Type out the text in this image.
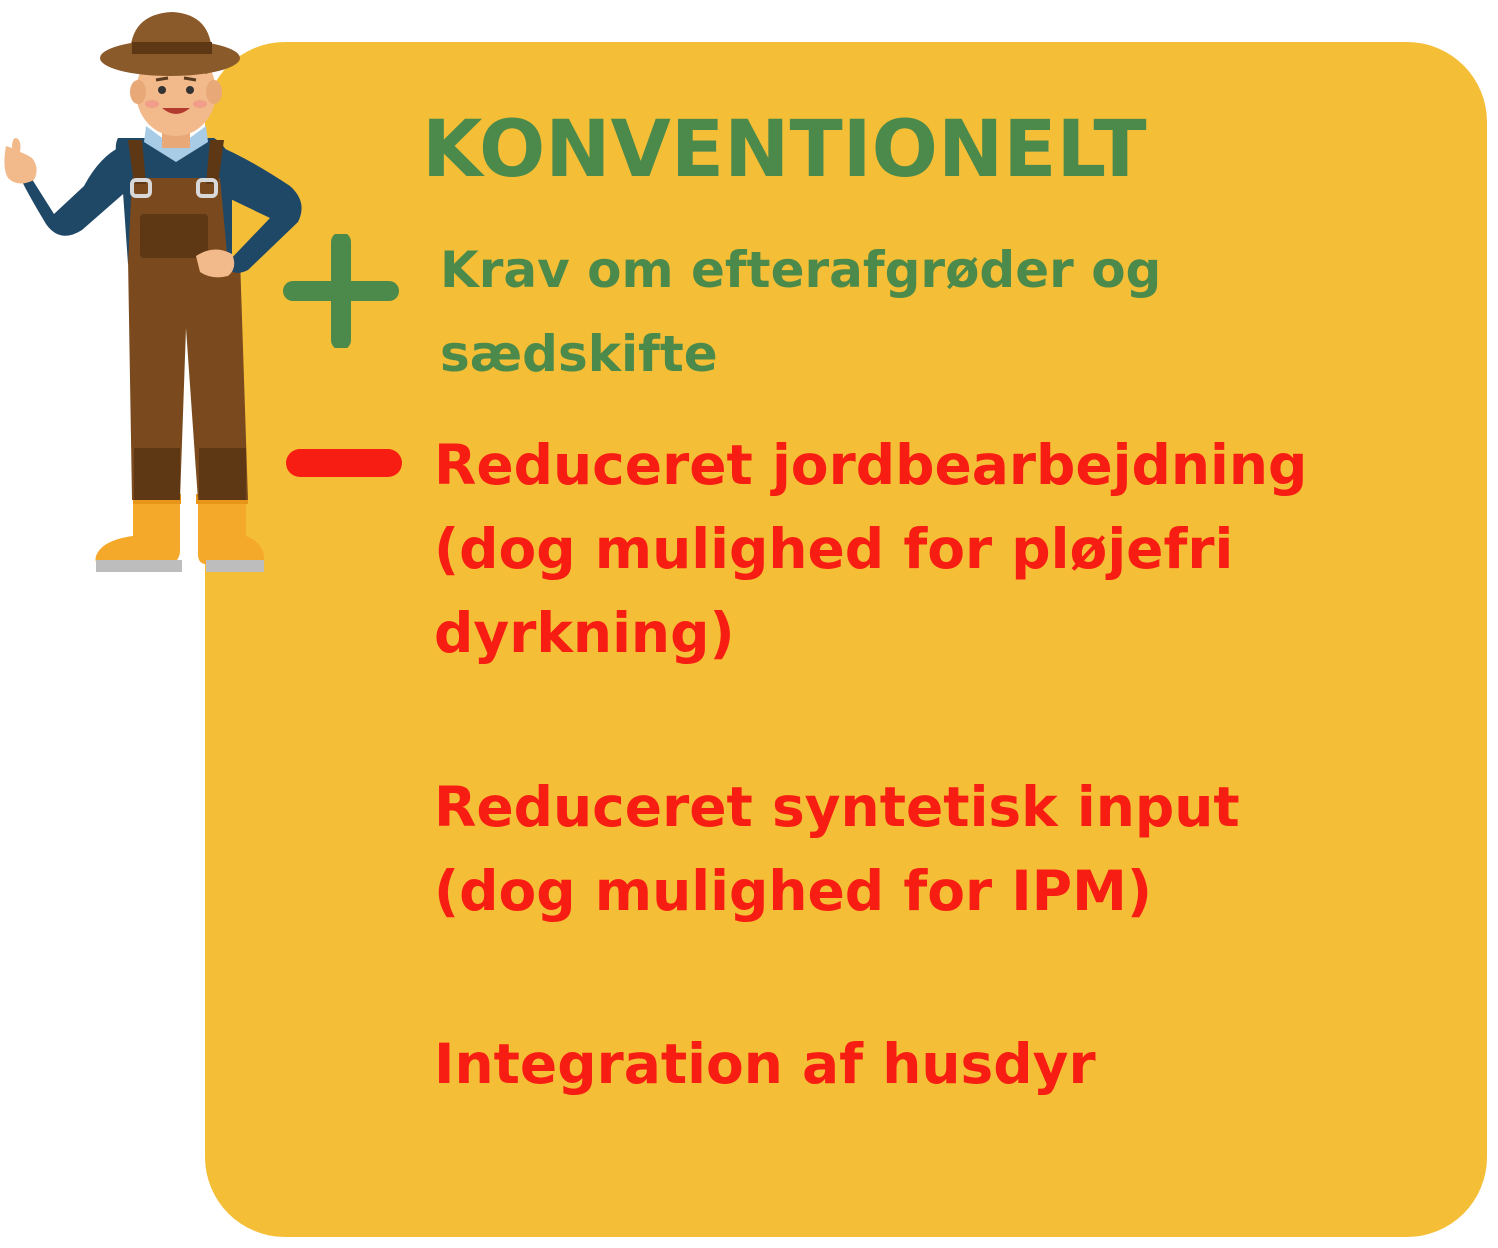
KONVENTIONELT

Krav om efterafgrøder og
sædskifte

Reduceret jordbearbejdning
(dog mulighed for pløjefri
dyrkning)

Reduceret syntetisk input
(dog mulighed for IPM)

Integration af husdyr
